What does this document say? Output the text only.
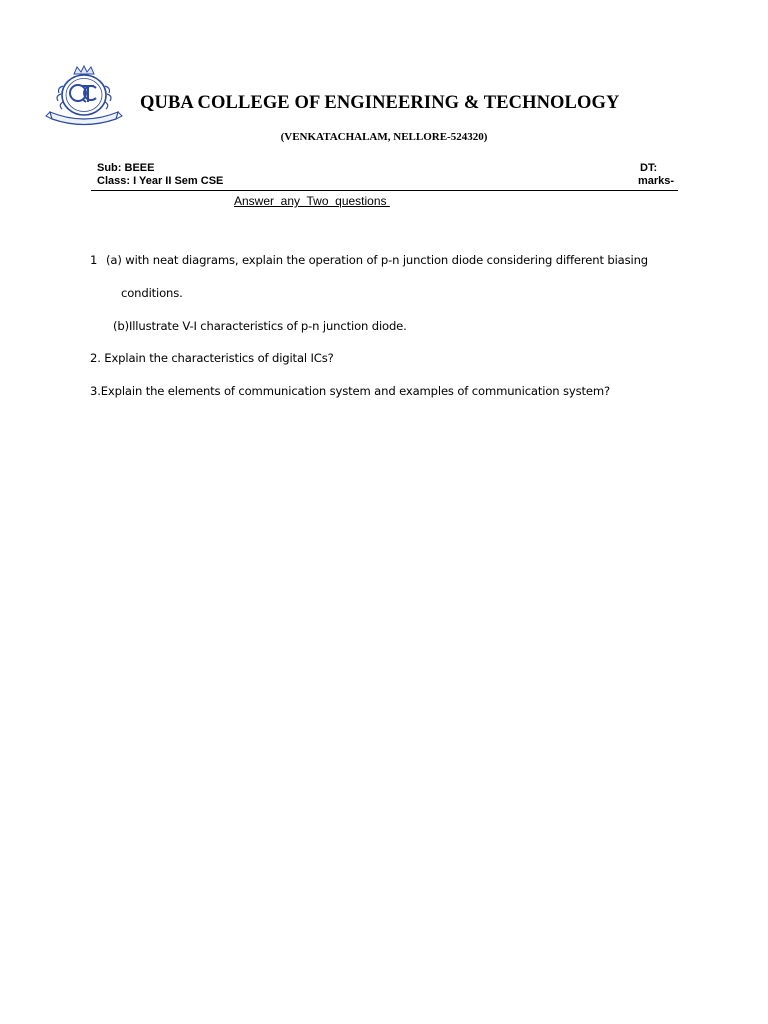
QUBA COLLEGE OF ENGINEERING & TECHNOLOGY
(VENKATACHALAM, NELLORE-524320)
Sub: BEEE
Class: I Year II Sem CSE
DT:
marks-
Answer  any  Two  questions
1 (a) with neat diagrams, explain the operation of p-n junction diode considering different biasing
conditions.
(b)Illustrate V-I characteristics of p-n junction diode.
2. Explain the characteristics of digital ICs?
3.Explain the elements of communication system and examples of communication system?
